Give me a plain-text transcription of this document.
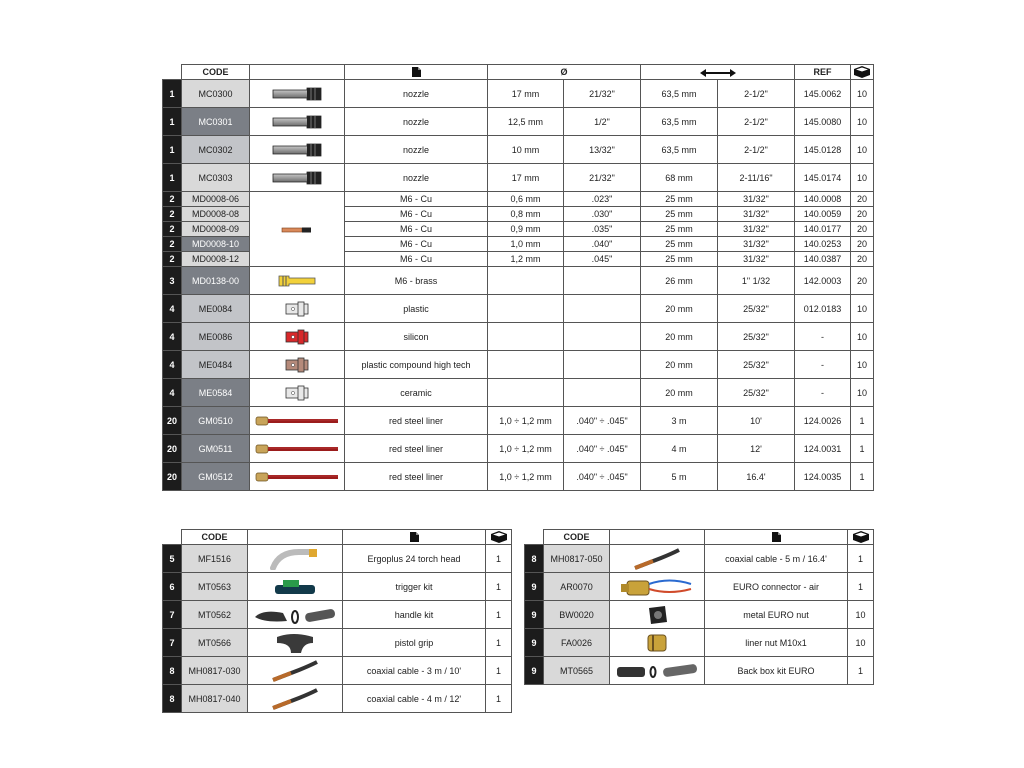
	CODE			Ø				REF	

1	MC0300		nozzle	17 mm	21/32"	63,5 mm	2-1/2"	145.0062	10
1	MC0301		nozzle	12,5 mm	1/2"	63,5 mm	2-1/2"	145.0080	10
1	MC0302		nozzle	10 mm	13/32"	63,5 mm	2-1/2"	145.0128	10
1	MC0303		nozzle	17 mm	21/32"	68 mm	2-11/16"	145.0174	10
2	MD0008-06		M6 - Cu	0,6 mm	.023"	25 mm	31/32"	140.0008	20
2	MD0008-08		M6 - Cu	0,8 mm	.030"	25 mm	31/32"	140.0059	20
2	MD0008-09		M6 - Cu	0,9 mm	.035"	25 mm	31/32"	140.0177	20
2	MD0008-10		M6 - Cu	1,0 mm	.040"	25 mm	31/32"	140.0253	20
2	MD0008-12		M6 - Cu	1,2 mm	.045"	25 mm	31/32"	140.0387	20
3	MD0138-00		M6 - brass			26 mm	1" 1/32	142.0003	20
4	ME0084		plastic			20 mm	25/32"	012.0183	10
4	ME0086		silicon			20 mm	25/32"	-	10
4	ME0484		plastic compound high tech			20 mm	25/32"	-	10
4	ME0584		ceramic			20 mm	25/32"	-	10
20	GM0510		red steel liner	1,0 ÷ 1,2 mm	.040" ÷ .045"	3 m	10'	124.0026	1
20	GM0511		red steel liner	1,0 ÷ 1,2 mm	.040" ÷ .045"	4 m	12'	124.0031	1
20	GM0512		red steel liner	1,0 ÷ 1,2 mm	.040" ÷ .045"	5 m	16.4'	124.0035	1
	CODE		

5	MF1516		Ergoplus 24 torch head	1
6	MT0563		trigger kit	1
7	MT0562		handle kit	1
7	MT0566		pistol grip	1
8	MH0817-030		coaxial cable - 3 m / 10'	1
8	MH0817-040		coaxial cable - 4 m / 12'	1
	CODE		

8	MH0817-050		coaxial cable - 5 m / 16.4'	1
9	AR0070		EURO connector - air	1
9	BW0020		metal EURO nut	10
9	FA0026		liner nut M10x1	10
9	MT0565		Back box kit EURO	1
